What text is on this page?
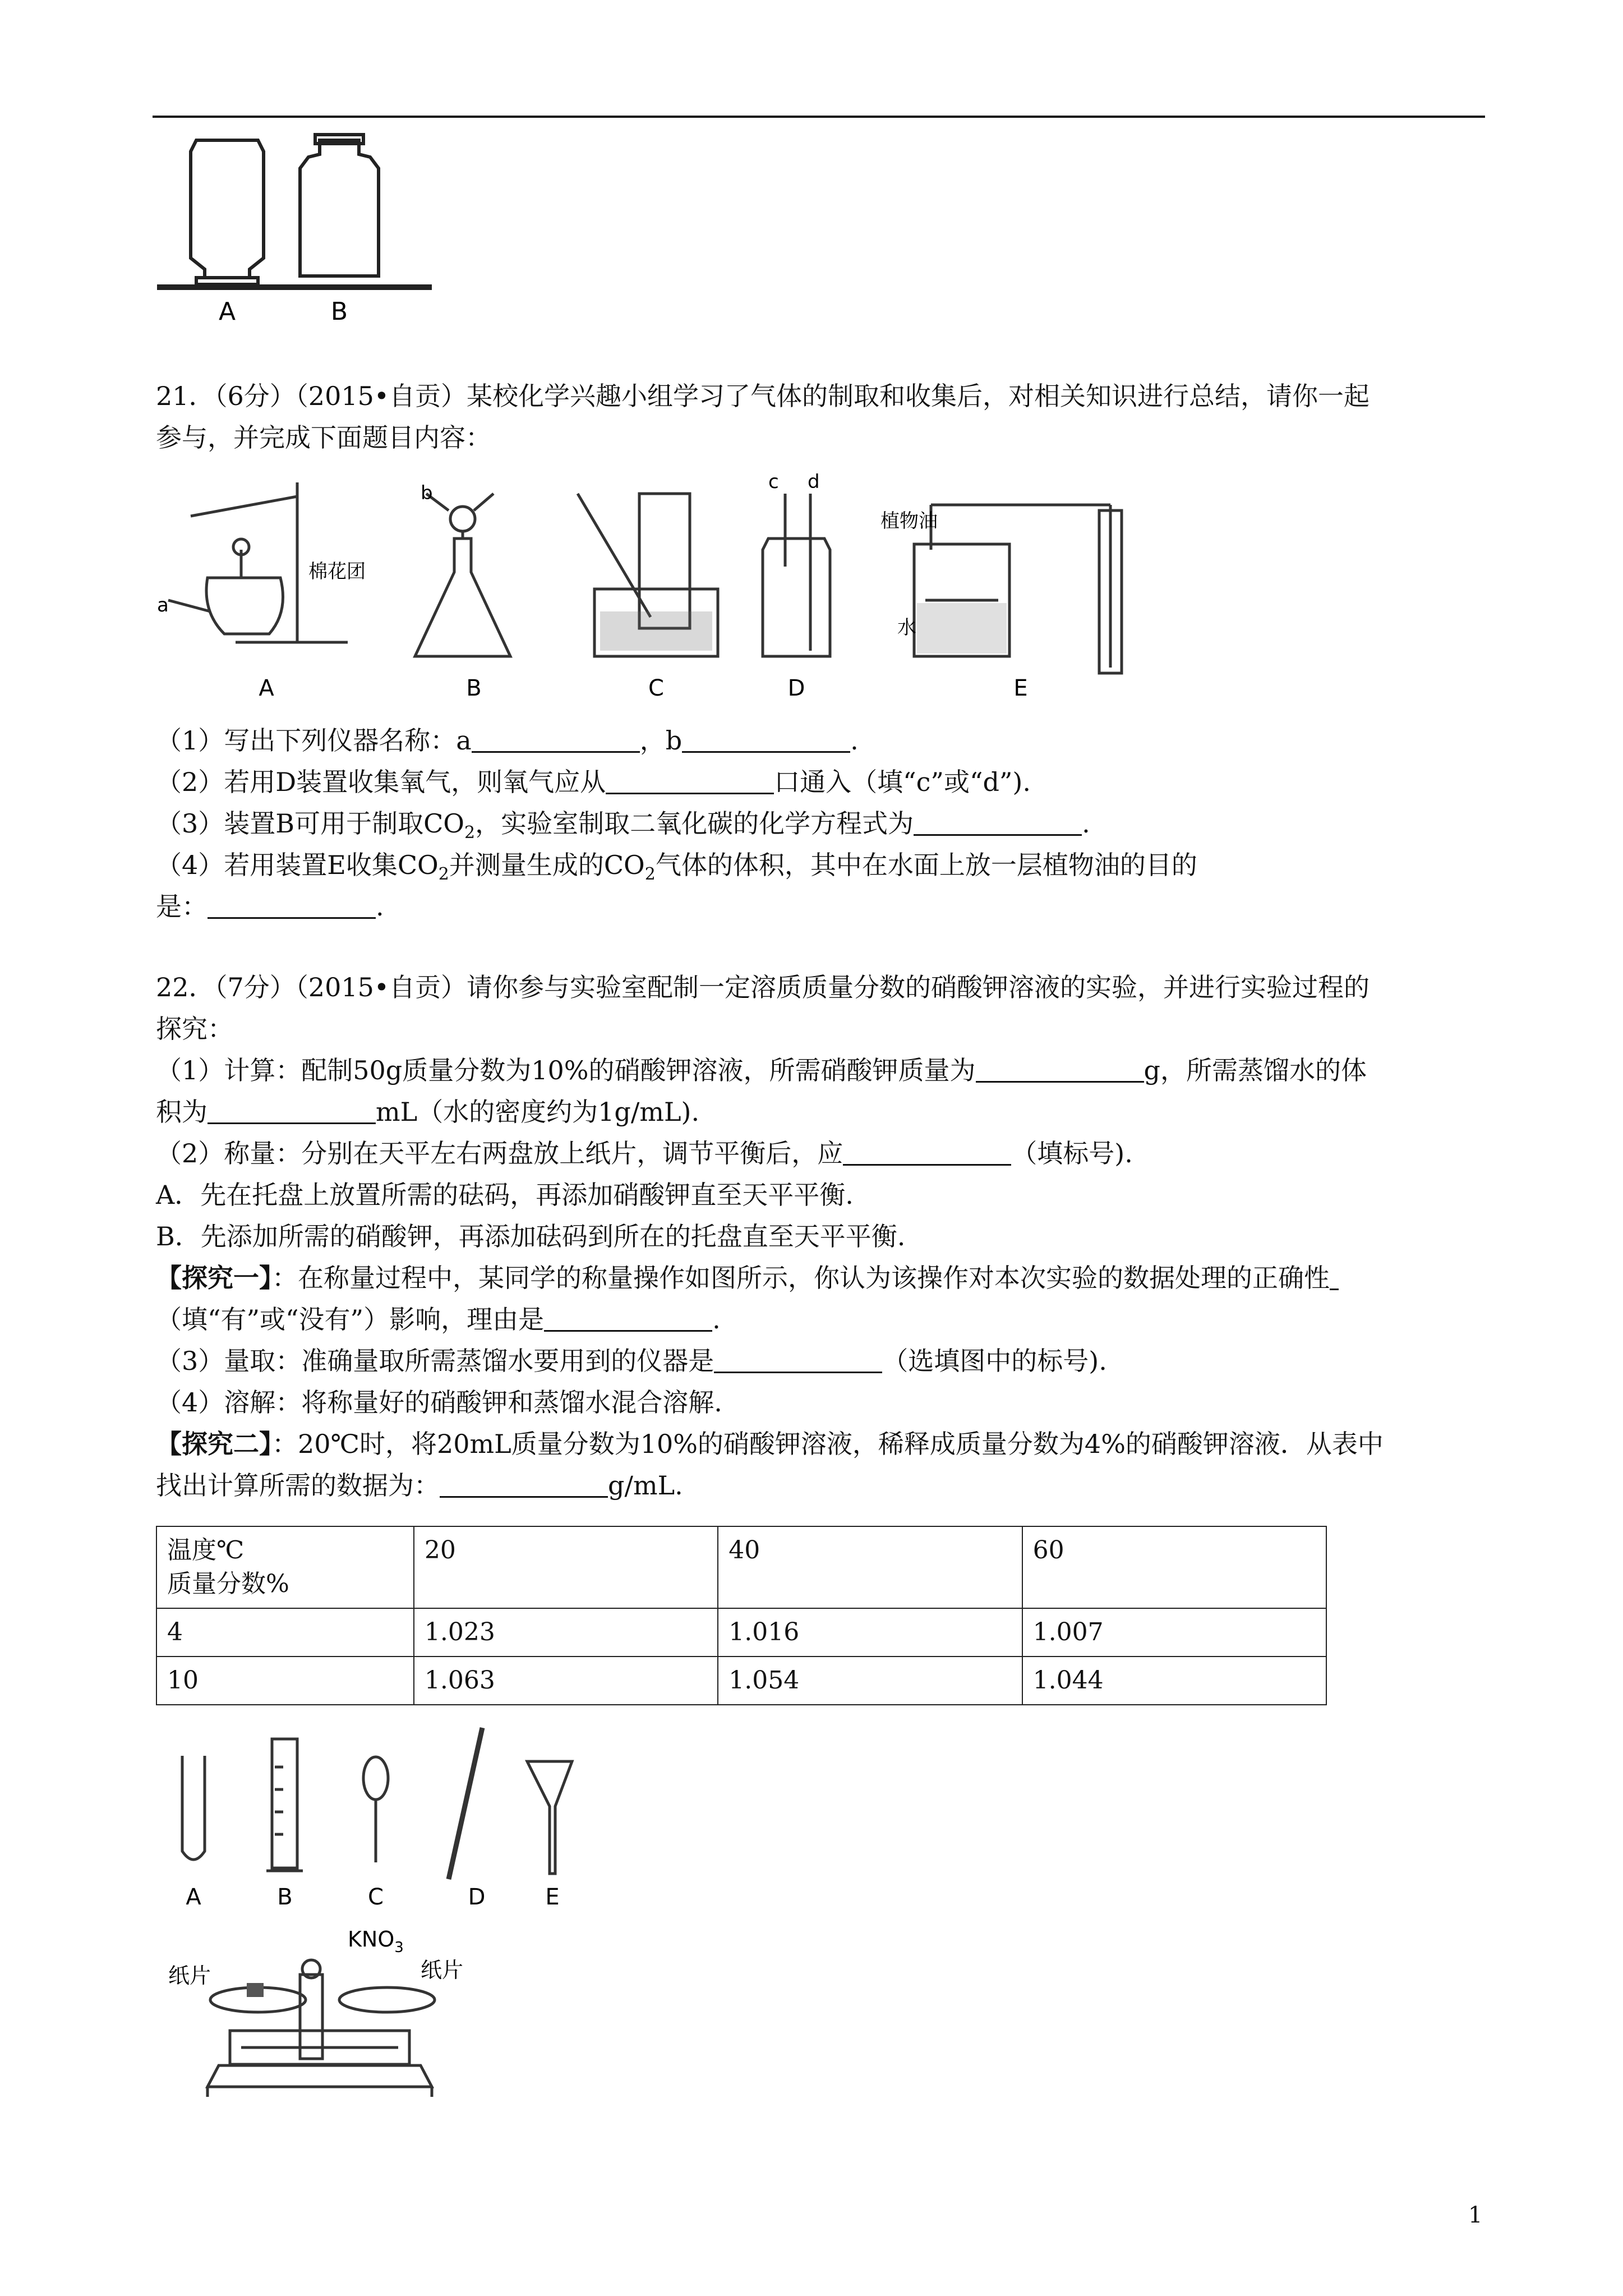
A	B
21．（6分）（2015•自贡）某校化学兴趣小组学习了气体的制取和收集后，对相关知识进行总结，请你一起
参与，并完成下面题目内容：
a
b	c d
棉花团
植物油
水
A	B	C	D	E
（1）写出下列仪器名称：a	，b	.
（2）若用D装置收集氧气，则氧气应从	口通入（填“c”或“d”).
（3）装置B可用于制取$CO_2$，实验室制取二氧化碳的化学方程式为	.
（4）若用装置E收集$CO_2$并测量生成的$CO_2$气体的体积，其中在水面上放一层植物油的目的
是：	.
22．（7分）（2015•自贡）请你参与实验室配制一定溶质质量分数的硝酸钾溶液的实验，并进行实验过程的
探究：
（1）计算：配制50g质量分数为10%的硝酸钾溶液，所需硝酸钾质量为	g，所需蒸馏水的体
积为	mL（水的密度约为1g/mL).
（2）称量：分别在天平左右两盘放上纸片，调节平衡后，应	（填标号).
A．先在托盘上放置所需的砝码，再添加硝酸钾直至天平平衡.
B．先添加所需的硝酸钾，再添加砝码到所在的托盘直至天平平衡.
【探究一】：在称量过程中，某同学的称量操作如图所示，你认为该操作对本次实验的数据处理的正确性
（填“有”或“没有”）影响，理由是	.
（3）量取：准确量取所需蒸馏水要用到的仪器是	（选填图中的标号).
（4）溶解：将称量好的硝酸钾和蒸馏水混合溶解.
【探究二】：20℃时，将20mL质量分数为10%的硝酸钾溶液，稀释成质量分数为4%的硝酸钾溶液．从表中
找出计算所需的数据为：	g/mL.
温度℃
质量分数%	20	40	60
4	1.023	1.016	1.007
10	1.063	1.054	1.044
A	B	C	D	E
纸片	纸片
$KNO_3$
1
